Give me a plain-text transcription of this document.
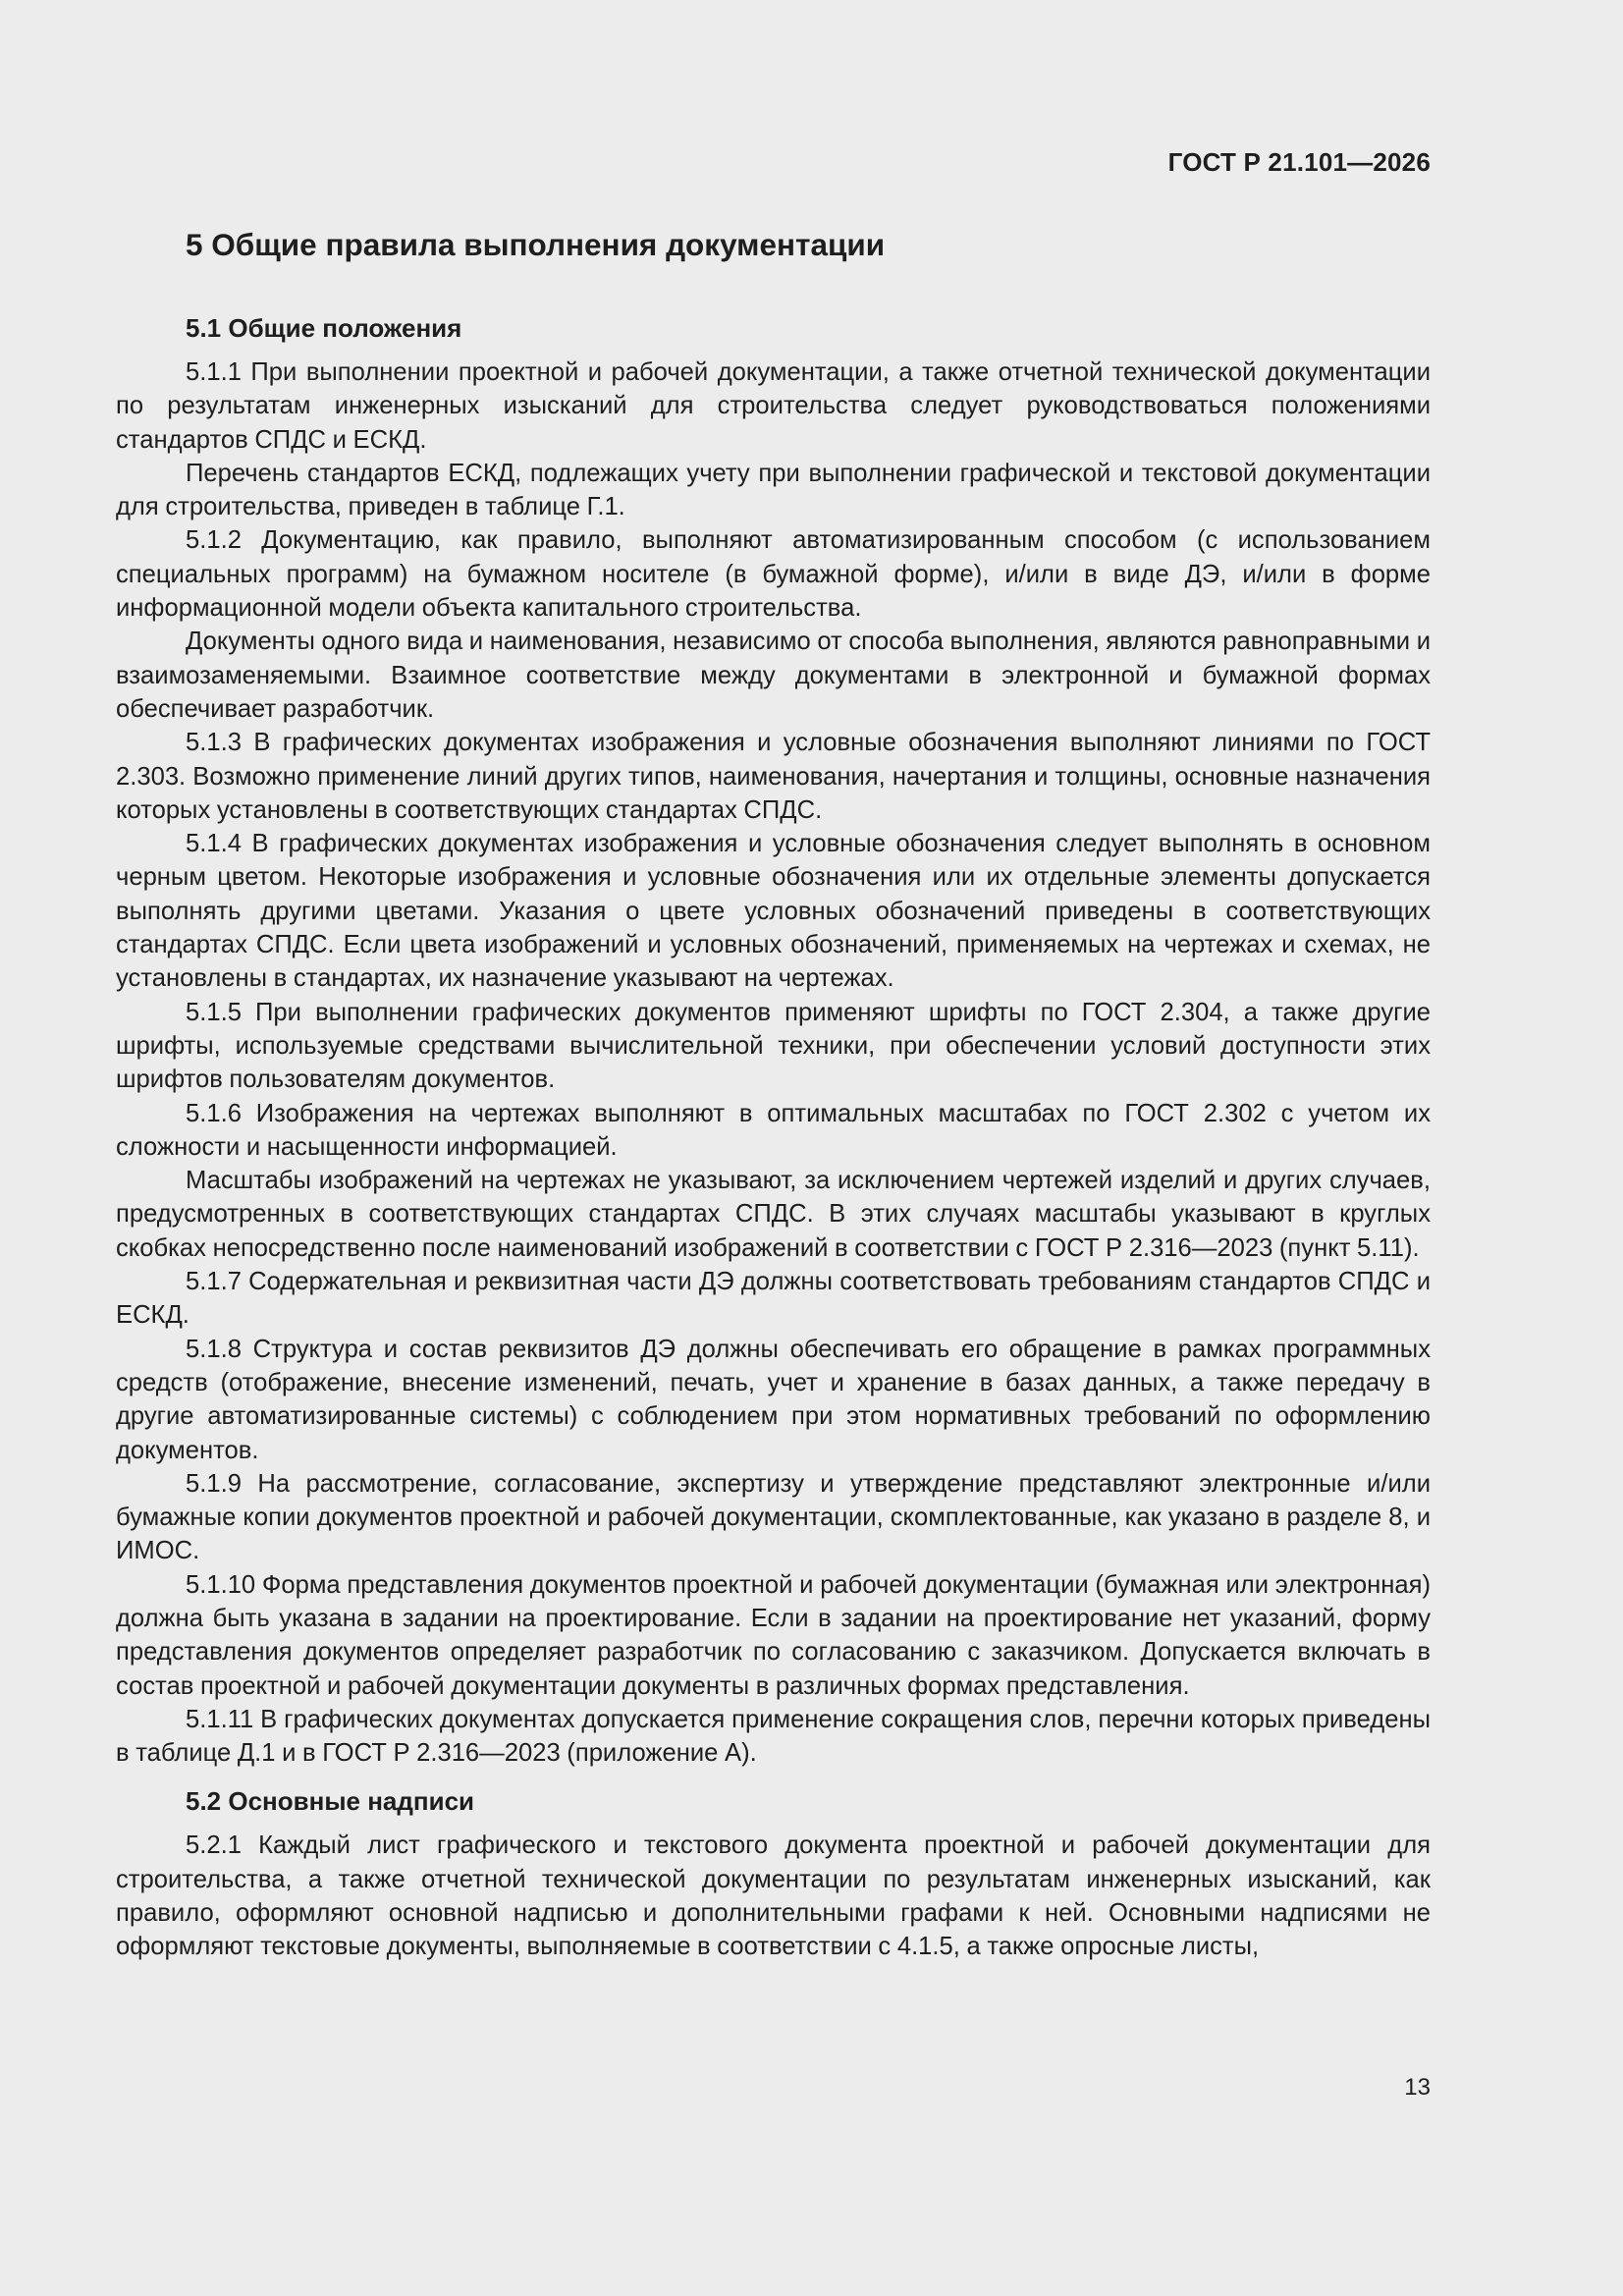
ГОСТ Р 21.101—2026
5 Общие правила выполнения документации
5.1 Общие положения

5.1.1 При выполнении проектной и рабочей документации, а также отчетной технической документации по результатам инженерных изысканий для строительства следует руководствоваться положениями стандартов СПДС и ЕСКД.

Перечень стандартов ЕСКД, подлежащих учету при выполнении графической и текстовой документации для строительства, приведен в таблице Г.1.

5.1.2 Документацию, как правило, выполняют автоматизированным способом (с использованием специальных программ) на бумажном носителе (в бумажной форме), и/или в виде ДЭ, и/или в форме информационной модели объекта капитального строительства.

Документы одного вида и наименования, независимо от способа выполнения, являются равноправными и взаимозаменяемыми. Взаимное соответствие между документами в электронной и бумажной формах обеспечивает разработчик.

5.1.3 В графических документах изображения и условные обозначения выполняют линиями по ГОСТ 2.303. Возможно применение линий других типов, наименования, начертания и толщины, основные назначения которых установлены в соответствующих стандартах СПДС.

5.1.4 В графических документах изображения и условные обозначения следует выполнять в основном черным цветом. Некоторые изображения и условные обозначения или их отдельные элементы допускается выполнять другими цветами. Указания о цвете условных обозначений приведены в соответствующих стандартах СПДС. Если цвета изображений и условных обозначений, применяемых на чертежах и схемах, не установлены в стандартах, их назначение указывают на чертежах.

5.1.5 При выполнении графических документов применяют шрифты по ГОСТ 2.304, а также другие шрифты, используемые средствами вычислительной техники, при обеспечении условий доступности этих шрифтов пользователям документов.

5.1.6 Изображения на чертежах выполняют в оптимальных масштабах по ГОСТ 2.302 с учетом их сложности и насыщенности информацией.

Масштабы изображений на чертежах не указывают, за исключением чертежей изделий и других случаев, предусмотренных в соответствующих стандартах СПДС. В этих случаях масштабы указывают в круглых скобках непосредственно после наименований изображений в соответствии с ГОСТ Р 2.316—2023 (пункт 5.11).

5.1.7 Содержательная и реквизитная части ДЭ должны соответствовать требованиям стандартов СПДС и ЕСКД.

5.1.8 Структура и состав реквизитов ДЭ должны обеспечивать его обращение в рамках программных средств (отображение, внесение изменений, печать, учет и хранение в базах данных, а также передачу в другие автоматизированные системы) с соблюдением при этом нормативных требований по оформлению документов.

5.1.9 На рассмотрение, согласование, экспертизу и утверждение представляют электронные и/или бумажные копии документов проектной и рабочей документации, скомплектованные, как указано в разделе 8, и ИМОС.

5.1.10 Форма представления документов проектной и рабочей документации (бумажная или электронная) должна быть указана в задании на проектирование. Если в задании на проектирование нет указаний, форму представления документов определяет разработчик по согласованию с заказчиком. Допускается включать в состав проектной и рабочей документации документы в различных формах представления.

5.1.11 В графических документах допускается применение сокращения слов, перечни которых приведены в таблице Д.1 и в ГОСТ Р 2.316—2023 (приложение А).

5.2 Основные надписи

5.2.1 Каждый лист графического и текстового документа проектной и рабочей документации для строительства, а также отчетной технической документации по результатам инженерных изысканий, как правило, оформляют основной надписью и дополнительными графами к ней. Основными надписями не оформляют текстовые документы, выполняемые в соответствии с 4.1.5, а также опросные листы,

13
